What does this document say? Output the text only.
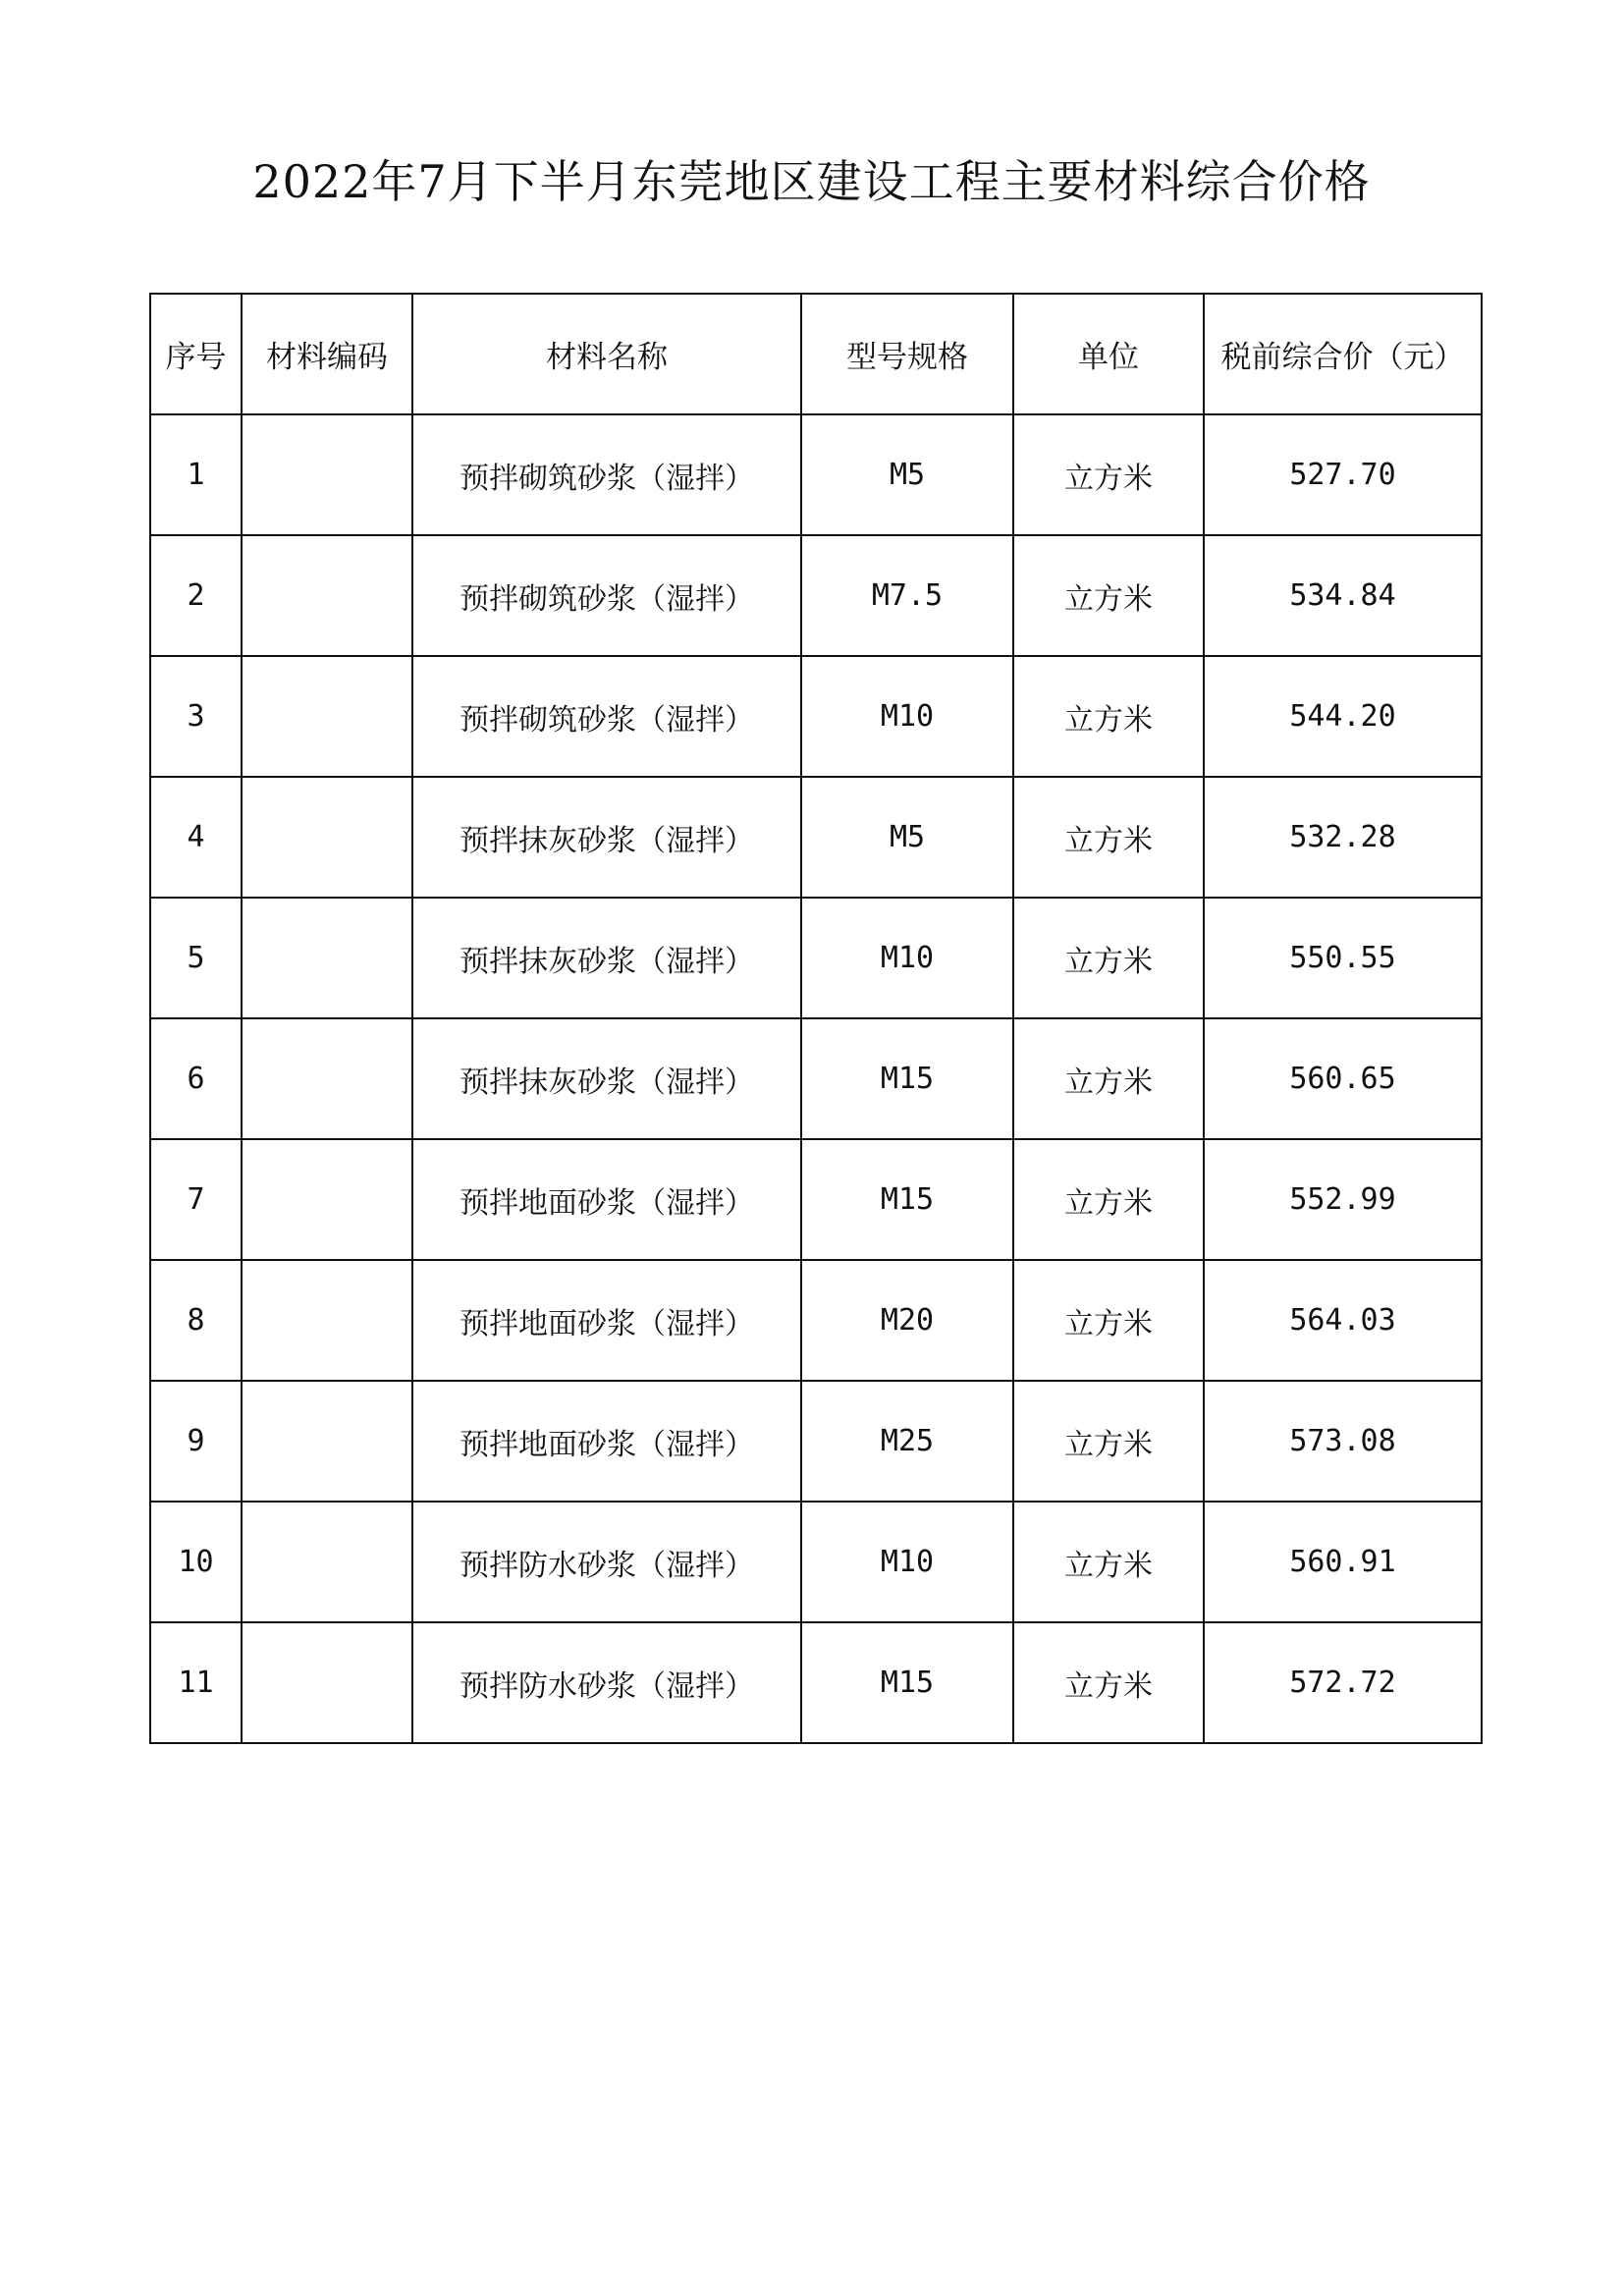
2022年7月下半月东莞地区建设工程主要材料综合价格
序号	材料编码	材料名称	型号规格	单位	税前综合价（元）
1		预拌砌筑砂浆（湿拌）	M5	立方米	527.70
2		预拌砌筑砂浆（湿拌）	M7.5	立方米	534.84
3		预拌砌筑砂浆（湿拌）	M10	立方米	544.20
4		预拌抹灰砂浆（湿拌）	M5	立方米	532.28
5		预拌抹灰砂浆（湿拌）	M10	立方米	550.55
6		预拌抹灰砂浆（湿拌）	M15	立方米	560.65
7		预拌地面砂浆（湿拌）	M15	立方米	552.99
8		预拌地面砂浆（湿拌）	M20	立方米	564.03
9		预拌地面砂浆（湿拌）	M25	立方米	573.08
10		预拌防水砂浆（湿拌）	M10	立方米	560.91
11		预拌防水砂浆（湿拌）	M15	立方米	572.72
